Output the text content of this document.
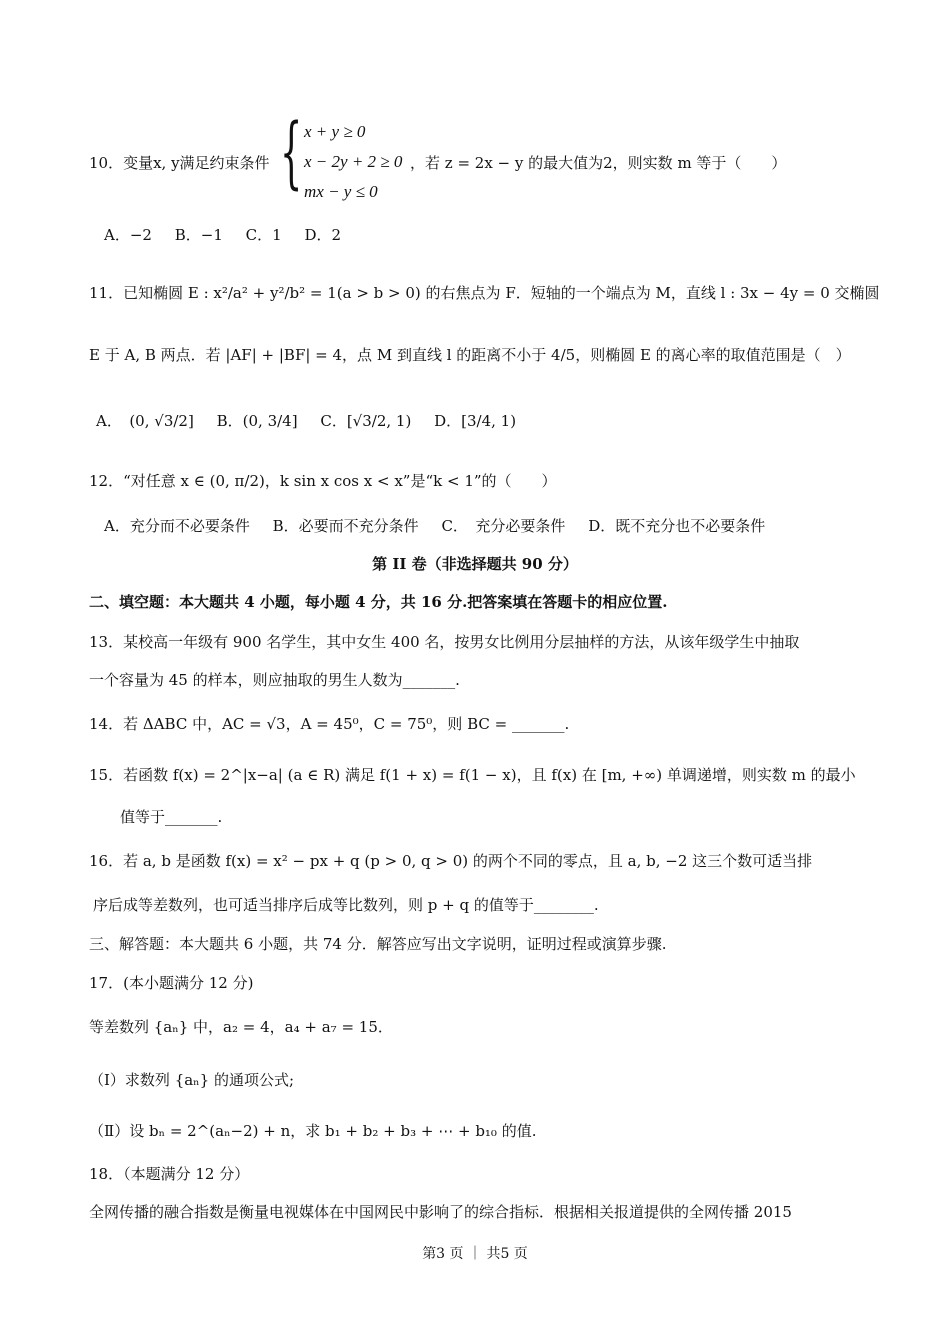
10．变量x, y满足约束条件 { x + y ≥ 0
x − 2y + 2 ≥ 0
mx − y ≤ 0
，若 z = 2x − y 的最大值为2，则实数 m 等于（　　）
A．−2 B．−1 C．1 D．2
11．已知椭圆 E : x²/a² + y²/b² = 1(a > b > 0) 的右焦点为 F．短轴的一个端点为 M，直线 l : 3x − 4y = 0 交椭圆
E 于 A, B 两点．若 |AF| + |BF| = 4，点 M 到直线 l 的距离不小于 4/5，则椭圆 E 的离心率的取值范围是（　）
A．　(0, √3/2] B．(0, 3/4] C．[√3/2, 1) D．[3/4, 1)
12．“对任意 x ∈ (0, π/2)，k sin x cos x < x”是“k < 1”的（　　）
A．充分而不必要条件 B．必要而不充分条件 C．　充分必要条件 D．既不充分也不必要条件
第 II 卷（非选择题共 90 分）
二、填空题：本大题共 4 小题，每小题 4 分，共 16 分.把答案填在答题卡的相应位置.
13．某校高一年级有 900 名学生，其中女生 400 名，按男女比例用分层抽样的方法，从该年级学生中抽取
一个容量为 45 的样本，则应抽取的男生人数为_______.
14．若 ΔABC 中，AC = √3，A = 45⁰，C = 75⁰，则 BC = _______.
15．若函数 f(x) = 2^|x−a| (a ∈ R) 满足 f(1 + x) = f(1 − x)，且 f(x) 在 [m, +∞) 单调递增，则实数 m 的最小
值等于_______.
16．若 a, b 是函数 f(x) = x² − px + q (p > 0, q > 0) 的两个不同的零点，且 a, b, −2 这三个数可适当排
序后成等差数列，也可适当排序后成等比数列，则 p + q 的值等于________.
三、解答题：本大题共 6 小题，共 74 分．解答应写出文字说明，证明过程或演算步骤.
17．(本小题满分 12 分)
等差数列 {aₙ} 中，a₂ = 4，a₄ + a₇ = 15．
（Ⅰ）求数列 {aₙ} 的通项公式;
（Ⅱ）设 bₙ = 2^(aₙ−2) + n，求 b₁ + b₂ + b₃ + ⋯ + b₁₀ 的值.
18．（本题满分 12 分）
全网传播的融合指数是衡量电视媒体在中国网民中影响了的综合指标．根据相关报道提供的全网传播 2015
第3 页 ｜ 共5 页
